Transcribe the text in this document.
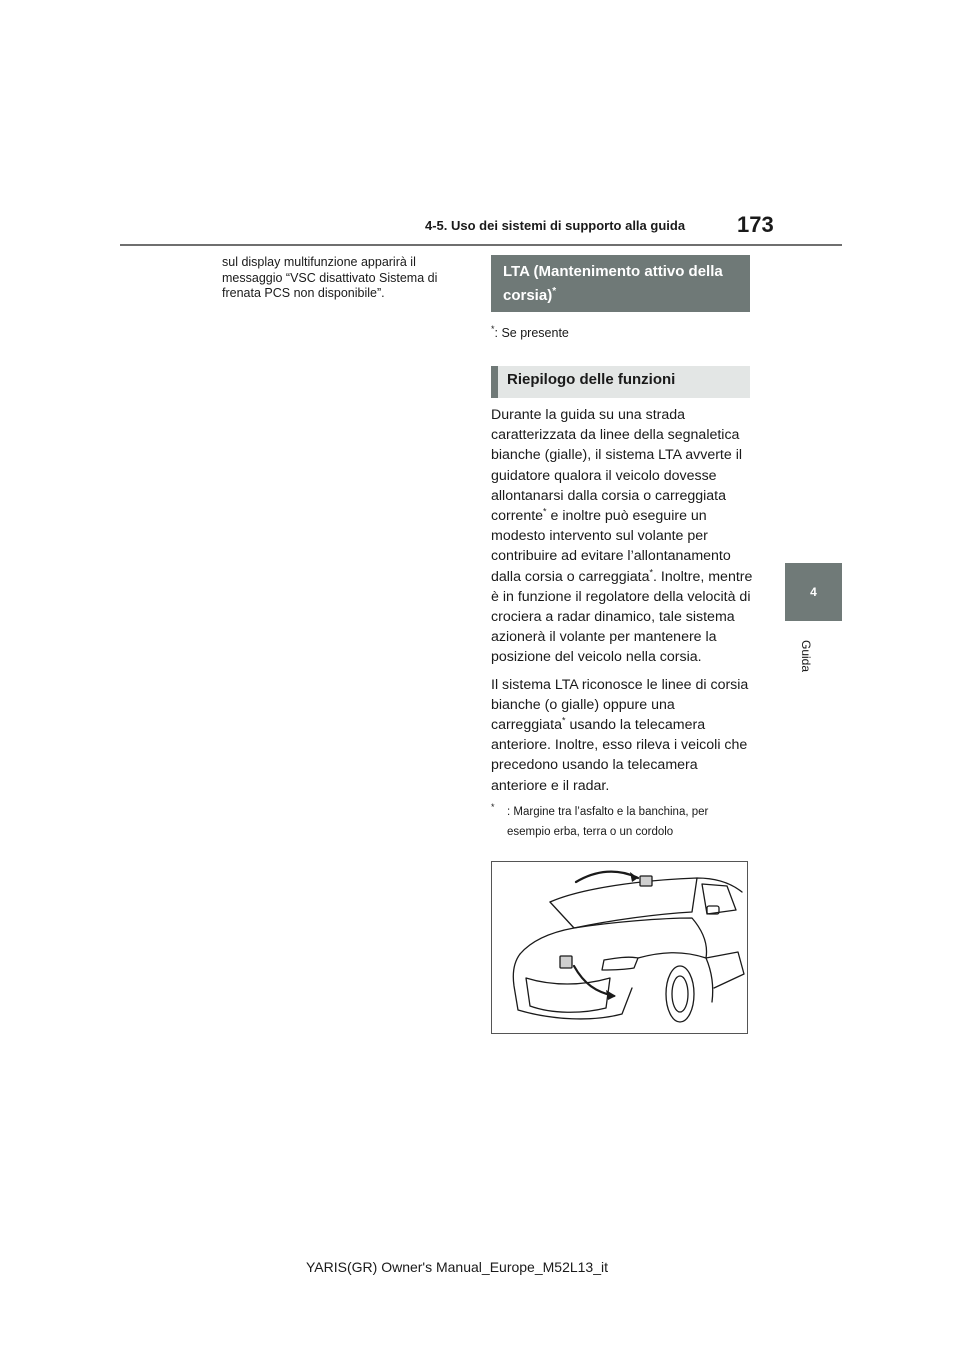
4-5. Uso dei sistemi di supporto alla guida 173
4
Guida
sul display multifunzione apparirà il messaggio “VSC disattivato Sistema di frenata PCS non disponibile”.
LTA (Mantenimento attivo della corsia)*
*: Se presente
Riepilogo delle funzioni

Durante la guida su una strada caratterizzata da linee della segnaletica bianche (gialle), il sistema LTA avverte il guidatore qualora il veicolo dovesse allontanarsi dalla corsia o carreggiata corrente* e inoltre può eseguire un modesto intervento sul volante per contribuire ad evitare l’allontanamento dalla corsia o carreggiata*. Inoltre, mentre è in funzione il regolatore della velocità di crociera a radar dinamico, tale sistema azionerà il volante per mantenere la posizione del veicolo nella corsia.

Il sistema LTA riconosce le linee di corsia bianche (o gialle) oppure una carreggiata* usando la telecamera anteriore. Inoltre, esso rileva i veicoli che precedono usando la telecamera anteriore e il radar.

*	: Margine tra l’asfalto e la banchina, per esempio erba, terra o un cordolo
YARIS(GR) Owner's Manual_Europe_M52L13_it
